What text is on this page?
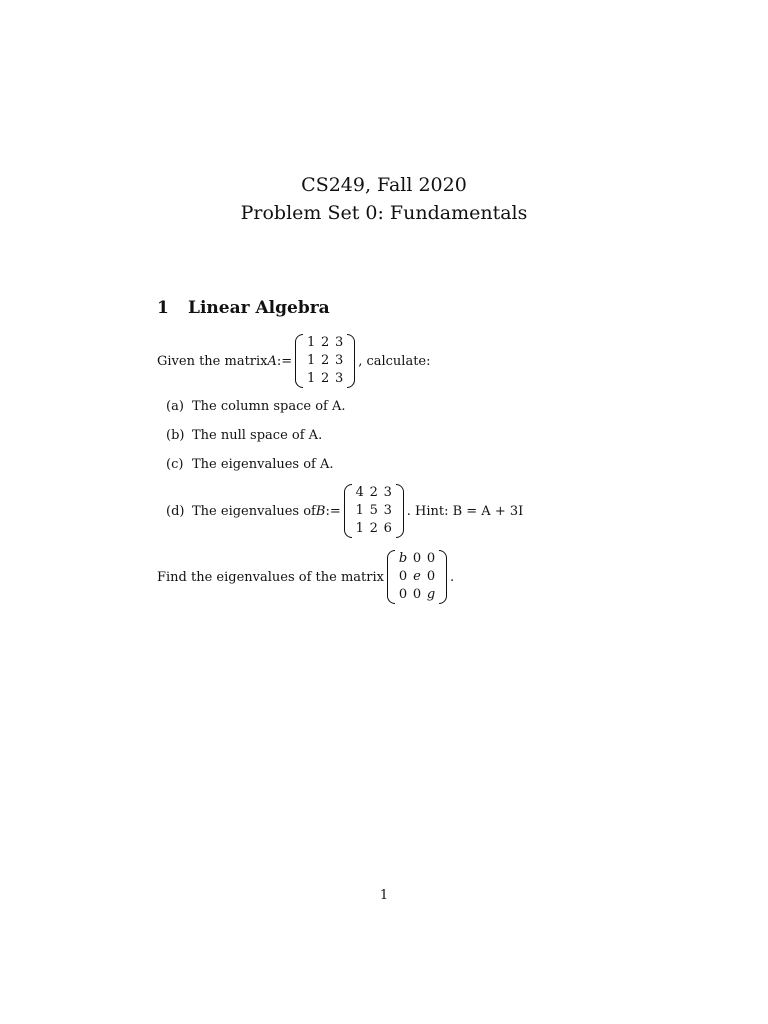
CS249, Fall 2020
Problem Set 0: Fundamentals
1 Linear Algebra
Given the matrix A :=
1 2 3
1 2 3
1 2 3
, calculate:
(a) The column space of A.
(b) The null space of A.
(c) The eigenvalues of A.
(d) The eigenvalues of B :=
4 2 3
1 5 3
1 2 6
. Hint: B = A + 3I
Find the eigenvalues of the matrix
b 0 0
0 e 0
0 0 g
.
1
